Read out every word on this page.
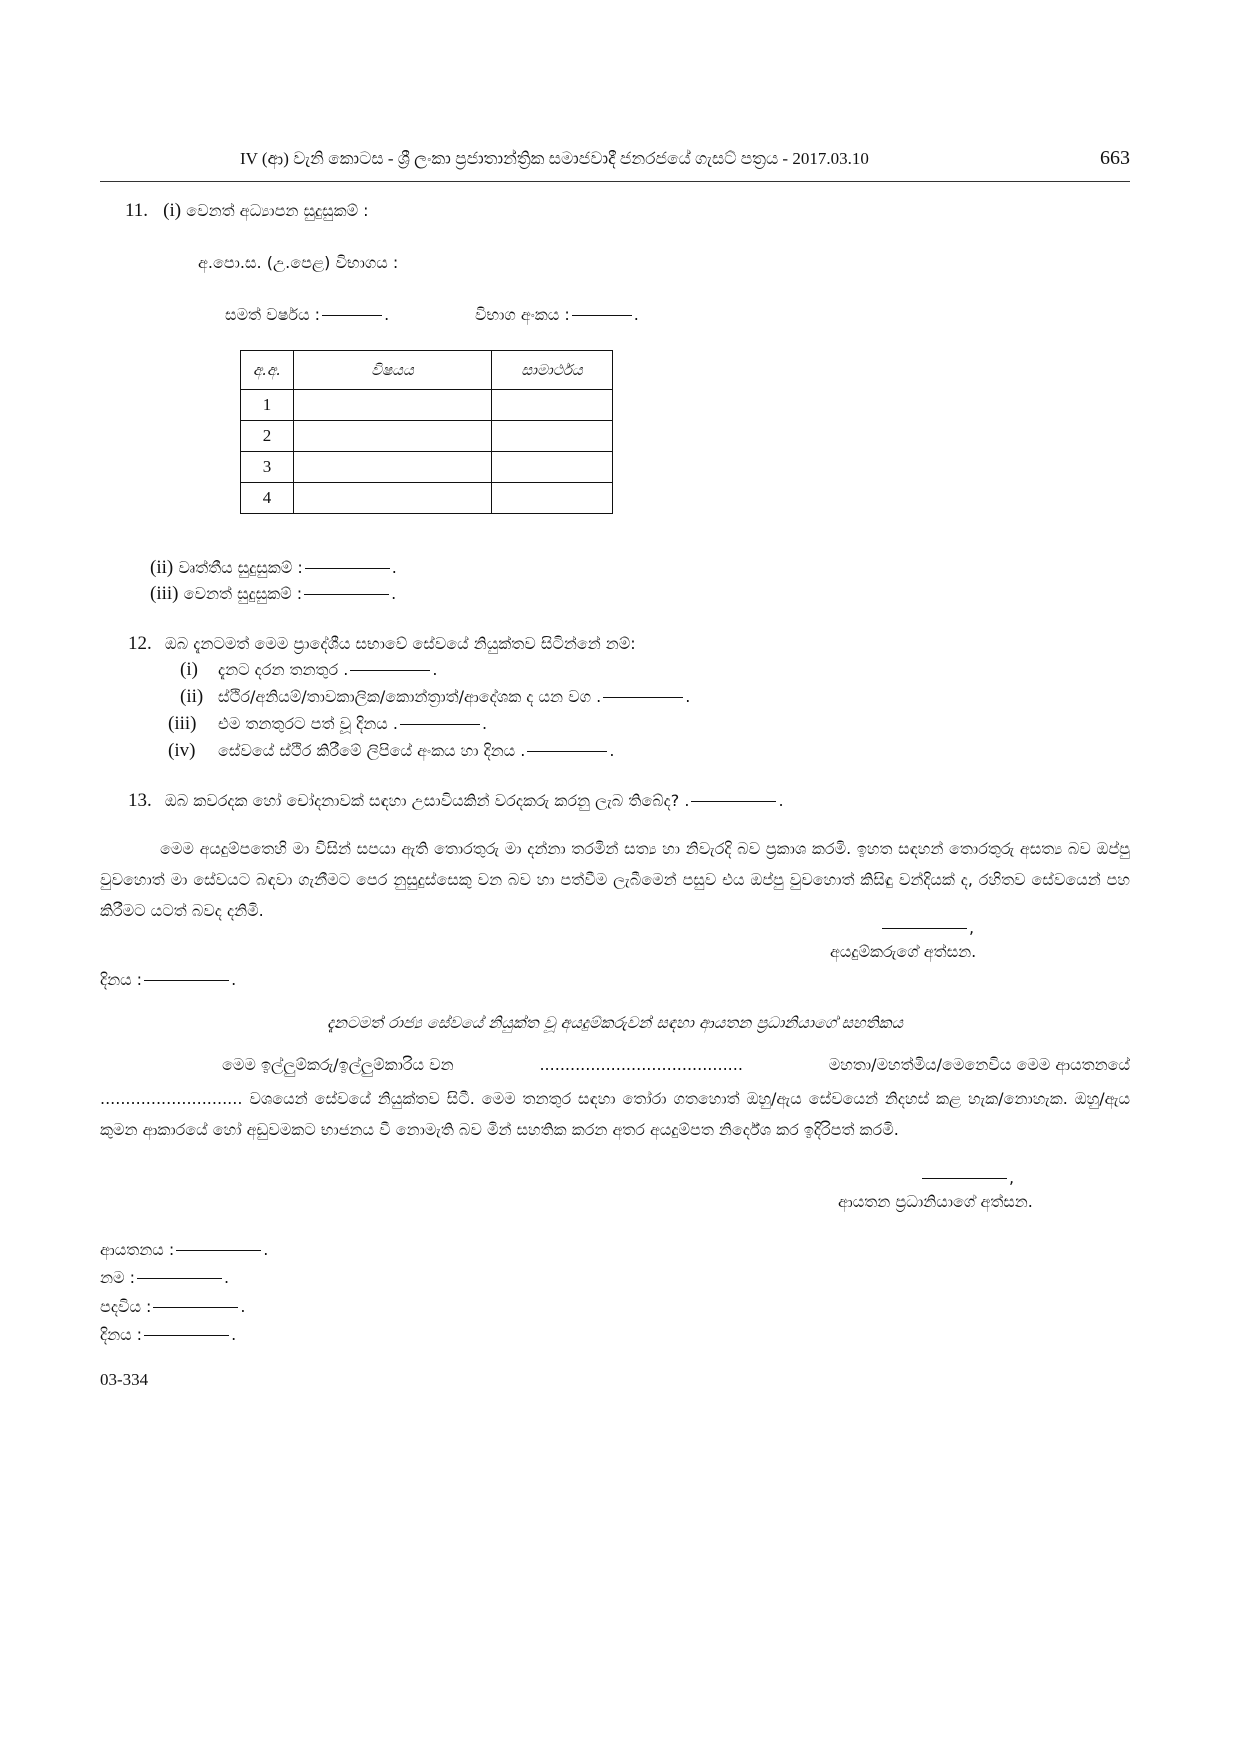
IV (ආ) වැනි කොටස - ශ්‍රී ලංකා ප්‍රජාතාන්ත්‍රික සමාජවාදී ජනරජයේ ගැසට් පත්‍රය - 2017.03.10	663
11. (i) වෙනත් අධ්‍යාපන සුදුසුකම් :
අ.පො.ස. (උ.පෙළ) විභාගය :
සමත් වර්ෂය :	.	විභාග අංකය :	.
අ.අ.	විෂයය	සාමාර්ථය
1		
2		
3		
4		
(ii) වෘත්තීය සුදුසුකම් :	.
(iii) වෙනත් සුදුසුකම් :	.
12. ඔබ දැනටමත් මෙම ප්‍රාදේශීය සභාවේ සේවයේ නියුක්තව සිටින්නේ නම්:
(i) දැනට දරන තනතුර .	.
(ii) ස්ථිර/අනියම්/තාවකාලික/කොන්ත්‍රාත්/ආදේශක ද යන වග .	.
(iii) එම තනතුරට පත් වූ දිනය .	.
(iv) සේවයේ ස්ථිර කිරීමේ ලිපියේ අංකය හා දිනය .	.
13. ඔබ කවරදක හෝ චෝදනාවක් සඳහා උසාවියකින් වරදකරු කරනු ලැබ තිබේද? .	.
මෙම අයදුම්පතෙහි මා විසින් සපයා ඇති තොරතුරු මා දන්නා තරමින් සත්‍ය හා නිවැරදි බව ප්‍රකාශ කරමි. ඉහත සඳහන් තොරතුරු අසත්‍ය බව ඔප්පු වුවහොත් මා සේවයට බඳවා ගැනීමට පෙර නුසුදුස්සෙකු වන බව හා පත්වීම ලැබීමෙන් පසුව එය ඔප්පු වුවහොත් කිසිඳු වන්දියක් ද, රහිතව සේවයෙන් පහ කිරීමට යටත් බවද දනිමි.
,
අයදුම්කරුගේ අත්සන.
දිනය :	.
දැනටමත් රාජ්‍ය සේවයේ නියුක්ත වූ අයදුම්කරුවන් සඳහා ආයතන ප්‍රධානියාගේ සහතිකය
මෙම ඉල්ලුම්කරු/ඉල්ලුම්කාරිය වන	........................................	මහතා/මහත්මිය/මෙනෙවිය මෙම ආයතනයේ
............................ වශයෙන් සේවයේ නියුක්තව සිටී. මෙම තනතුර සඳහා තෝරා ගතහොත් ඔහු/ඇය සේවයෙන් නිදහස් කළ හැක/නොහැක. ඔහු/ඇය කුමන ආකාරයේ හෝ අඩුවමකට භාජනය වී නොමැති බව මින් සහතික කරන අතර අයදුම්පත නිර්දේශ කර ඉදිරිපත් කරමි.
,
ආයතන ප්‍රධානියාගේ අත්සන.
ආයතනය :	.
නම :	.
පදවිය :	.
දිනය :	.
03-334
